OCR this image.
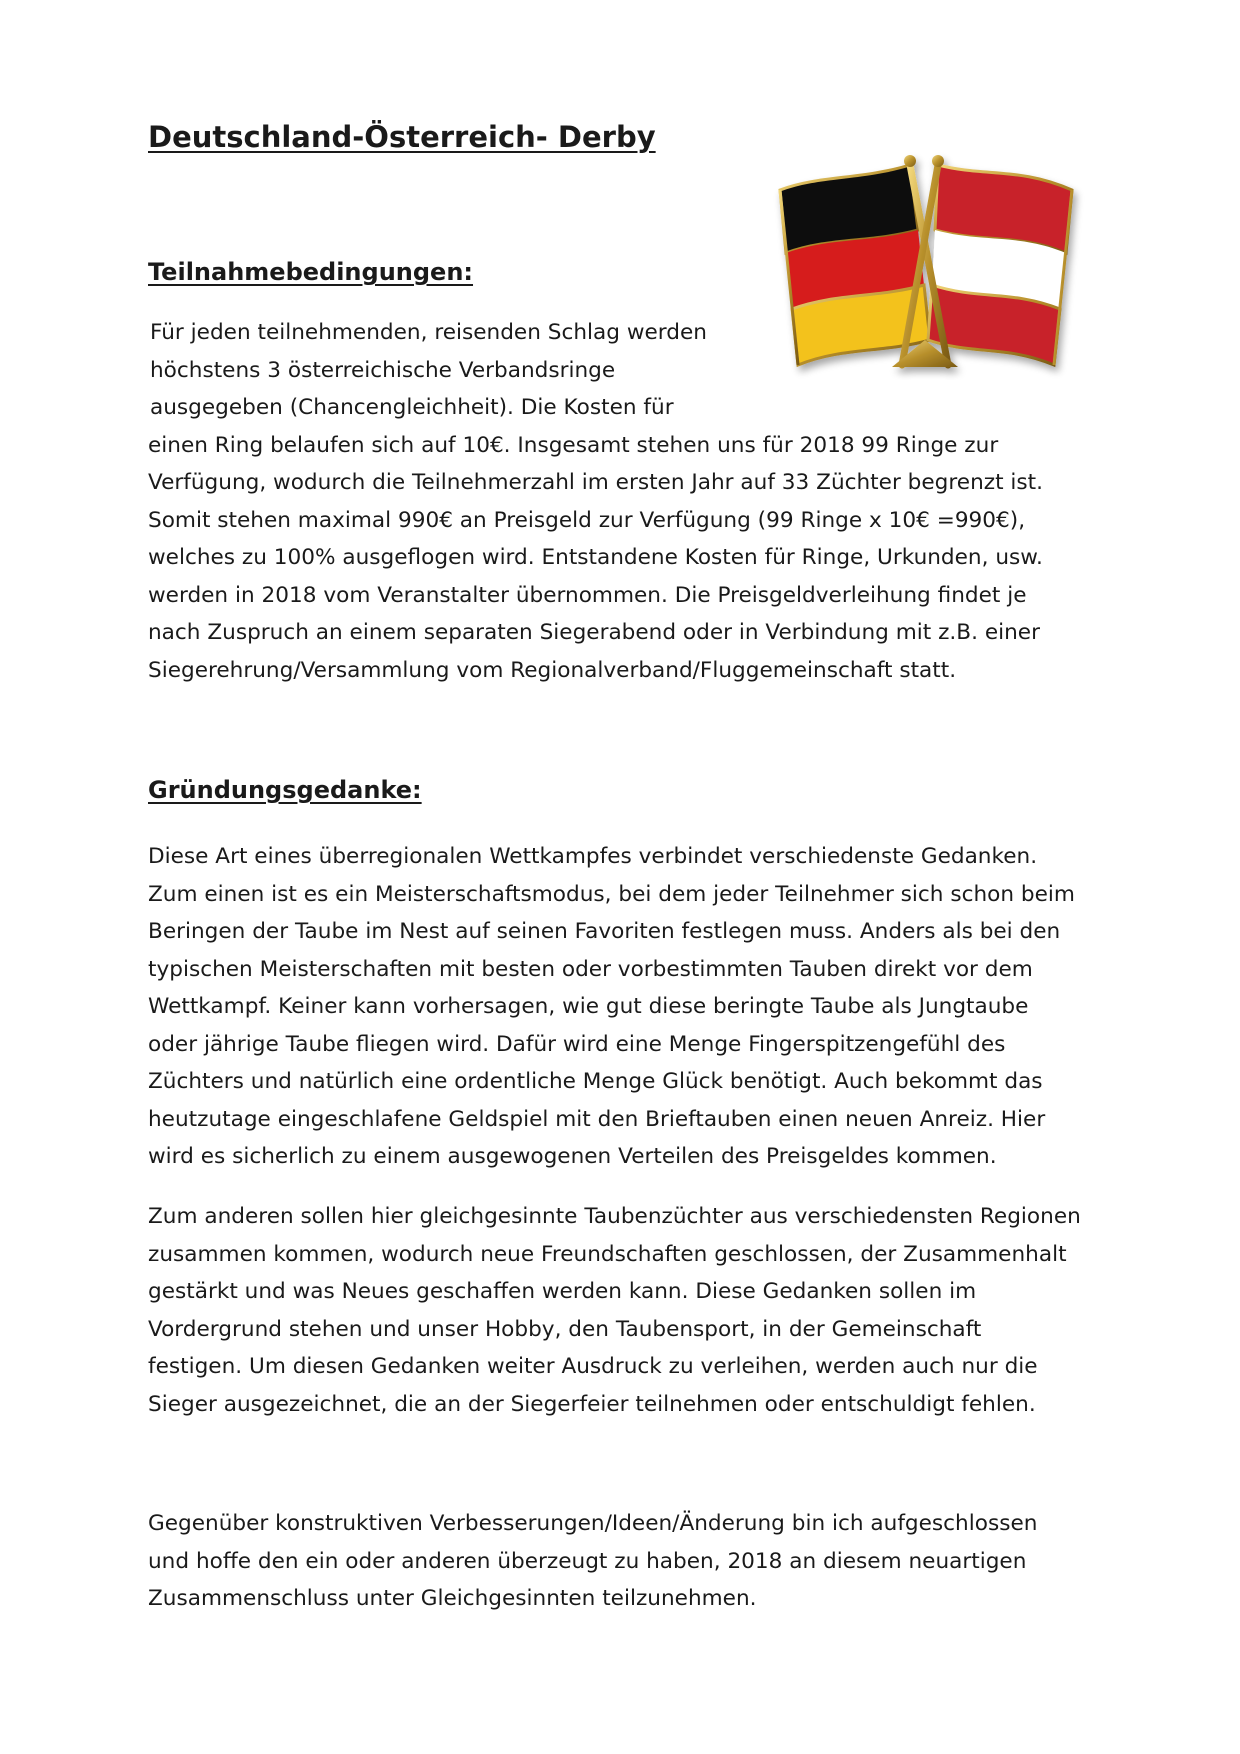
Deutschland-Österreich- Derby
Teilnahmebedingungen:

Für jeden teilnehmenden, reisenden Schlag werden
höchstens 3 österreichische Verbandsringe
ausgegeben (Chancengleichheit). Die Kosten für
einen Ring belaufen sich auf 10€. Insgesamt stehen uns für 2018 99 Ringe zur
Verfügung, wodurch die Teilnehmerzahl im ersten Jahr auf 33 Züchter begrenzt ist.
Somit stehen maximal 990€ an Preisgeld zur Verfügung (99 Ringe x 10€ =990€),
welches zu 100% ausgeflogen wird. Entstandene Kosten für Ringe, Urkunden, usw.
werden in 2018 vom Veranstalter übernommen. Die Preisgeldverleihung findet je
nach Zuspruch an einem separaten Siegerabend oder in Verbindung mit z.B. einer
Siegerehrung/Versammlung vom Regionalverband/Fluggemeinschaft statt.

Gründungsgedanke:

Diese Art eines überregionalen Wettkampfes verbindet verschiedenste Gedanken.
Zum einen ist es ein Meisterschaftsmodus, bei dem jeder Teilnehmer sich schon beim
Beringen der Taube im Nest auf seinen Favoriten festlegen muss. Anders als bei den
typischen Meisterschaften mit besten oder vorbestimmten Tauben direkt vor dem
Wettkampf. Keiner kann vorhersagen, wie gut diese beringte Taube als Jungtaube
oder jährige Taube fliegen wird. Dafür wird eine Menge Fingerspitzengefühl des
Züchters und natürlich eine ordentliche Menge Glück benötigt. Auch bekommt das
heutzutage eingeschlafene Geldspiel mit den Brieftauben einen neuen Anreiz. Hier
wird es sicherlich zu einem ausgewogenen Verteilen des Preisgeldes kommen.

Zum anderen sollen hier gleichgesinnte Taubenzüchter aus verschiedensten Regionen
zusammen kommen, wodurch neue Freundschaften geschlossen, der Zusammenhalt
gestärkt und was Neues geschaffen werden kann. Diese Gedanken sollen im
Vordergrund stehen und unser Hobby, den Taubensport, in der Gemeinschaft
festigen. Um diesen Gedanken weiter Ausdruck zu verleihen, werden auch nur die
Sieger ausgezeichnet, die an der Siegerfeier teilnehmen oder entschuldigt fehlen.

Gegenüber konstruktiven Verbesserungen/Ideen/Änderung bin ich aufgeschlossen
und hoffe den ein oder anderen überzeugt zu haben, 2018 an diesem neuartigen
Zusammenschluss unter Gleichgesinnten teilzunehmen.
